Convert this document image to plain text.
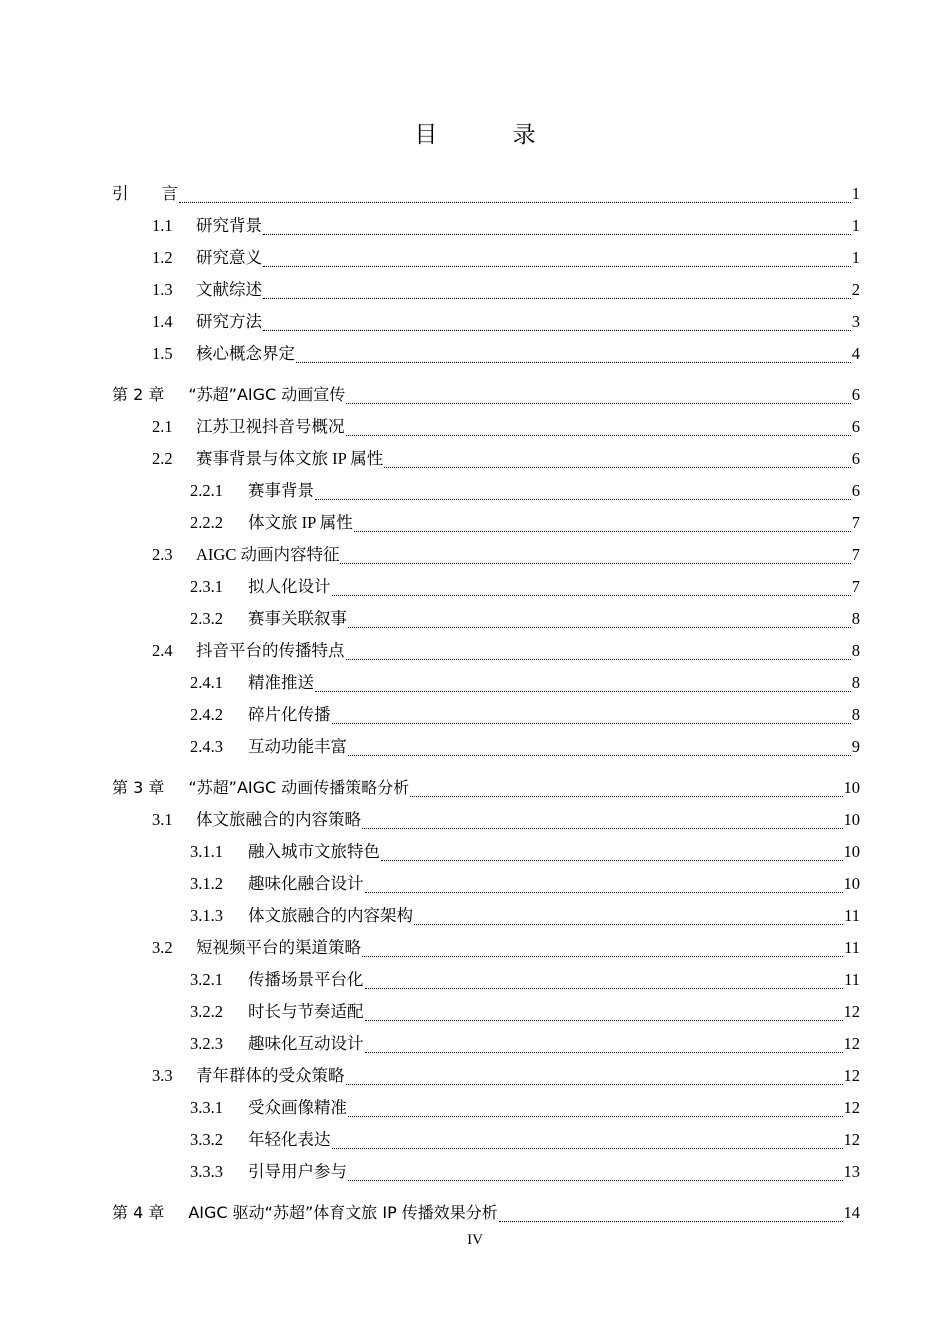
目 录
引　　言	1
1.1	研究背景	1
1.2	研究意义	1
1.3	文献综述	2
1.4	研究方法	3
1.5	核心概念界定	4
第 2 章 “苏超”AIGC 动画宣传	6
2.1	江苏卫视抖音号概况	6
2.2	赛事背景与体文旅 IP 属性	6
2.2.1	赛事背景	6
2.2.2	体文旅 IP 属性	7
2.3	AIGC 动画内容特征	7
2.3.1	拟人化设计	7
2.3.2	赛事关联叙事	8
2.4	抖音平台的传播特点	8
2.4.1	精准推送	8
2.4.2	碎片化传播	8
2.4.3	互动功能丰富	9
第 3 章 “苏超”AIGC 动画传播策略分析	10
3.1	体文旅融合的内容策略	10
3.1.1	融入城市文旅特色	10
3.1.2	趣味化融合设计	10
3.1.3	体文旅融合的内容架构	11
3.2	短视频平台的渠道策略	11
3.2.1	传播场景平台化	11
3.2.2	时长与节奏适配	12
3.2.3	趣味化互动设计	12
3.3	青年群体的受众策略	12
3.3.1	受众画像精准	12
3.3.2	年轻化表达	12
3.3.3	引导用户参与	13
第 4 章 AIGC 驱动“苏超”体育文旅 IP 传播效果分析	14
IV
